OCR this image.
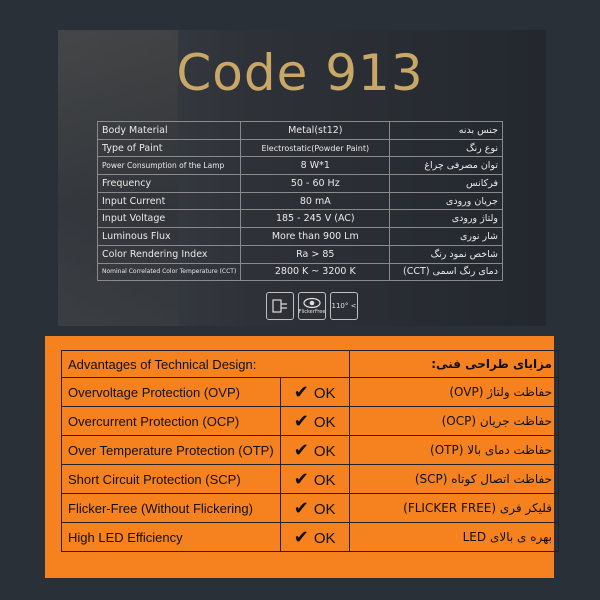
Code 913
Body Material	Metal(st12)	جنس بدنه
Type of Paint	Electrostatic(Powder Paint)	نوع رنگ
Power Consumption of the Lamp	8 W*1	توان مصرفی چراغ
Frequency	50 - 60 Hz	فرکانس
Input Current	80 mA	جریان ورودی
Input Voltage	185 - 245 V (AC)	ولتاژ ورودی
Luminous Flux	More than 900 Lm	شار نوری
Color Rendering Index	Ra > 85	شاخص نمود رنگ
Nominal Correlated Color Temperature (CCT)	2800 K ~ 3200 K	دمای رنگ اسمی (CCT)
FlickerFree
110° <
Advantages of Technical Design:		مزایای طراحی فنی:
Overvoltage Protection (OVP)	✔ OK	حفاظت ولتاژ (OVP)
Overcurrent Protection (OCP)	✔ OK	حفاظت جریان (OCP)
Over Temperature Protection (OTP)	✔ OK	حفاظت دمای بالا (OTP)
Short Circuit Protection (SCP)	✔ OK	حفاظت اتصال کوتاه (SCP)
Flicker-Free (Without Flickering)	✔ OK	فلیکر فری (FLICKER FREE)
High LED Efficiency	✔ OK	بهره ی بالای LED
